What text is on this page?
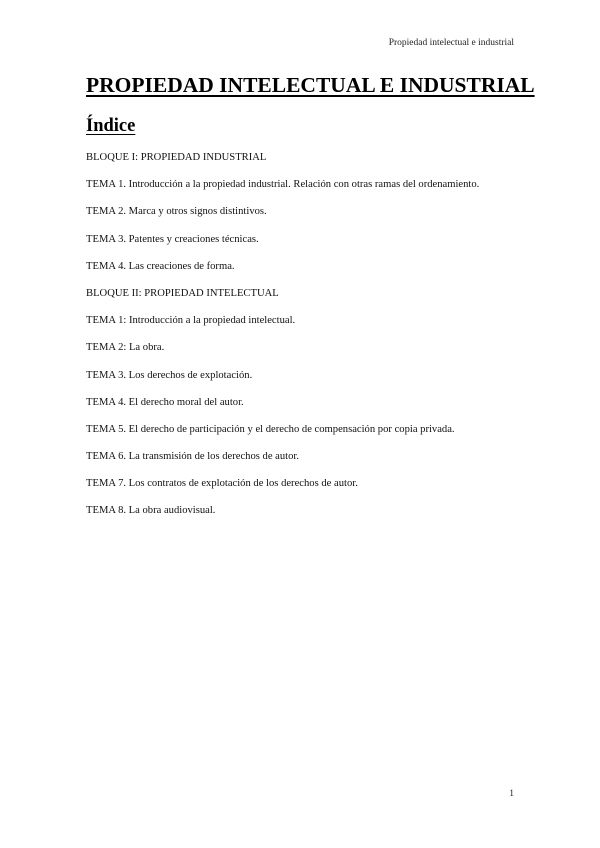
Propiedad intelectual e industrial
PROPIEDAD INTELECTUAL E INDUSTRIAL
Índice
BLOQUE I: PROPIEDAD INDUSTRIAL
TEMA 1. Introducción a la propiedad industrial. Relación con otras ramas del ordenamiento.
TEMA 2. Marca y otros signos distintivos.
TEMA 3. Patentes y creaciones técnicas.
TEMA 4. Las creaciones de forma.
BLOQUE II: PROPIEDAD INTELECTUAL
TEMA 1: Introducción a la propiedad intelectual.
TEMA 2: La obra.
TEMA 3. Los derechos de explotación.
TEMA 4. El derecho moral del autor.
TEMA 5. El derecho de participación y el derecho de compensación por copia privada.
TEMA 6. La transmisión de los derechos de autor.
TEMA 7. Los contratos de explotación de los derechos de autor.
TEMA 8. La obra audiovisual.
1
